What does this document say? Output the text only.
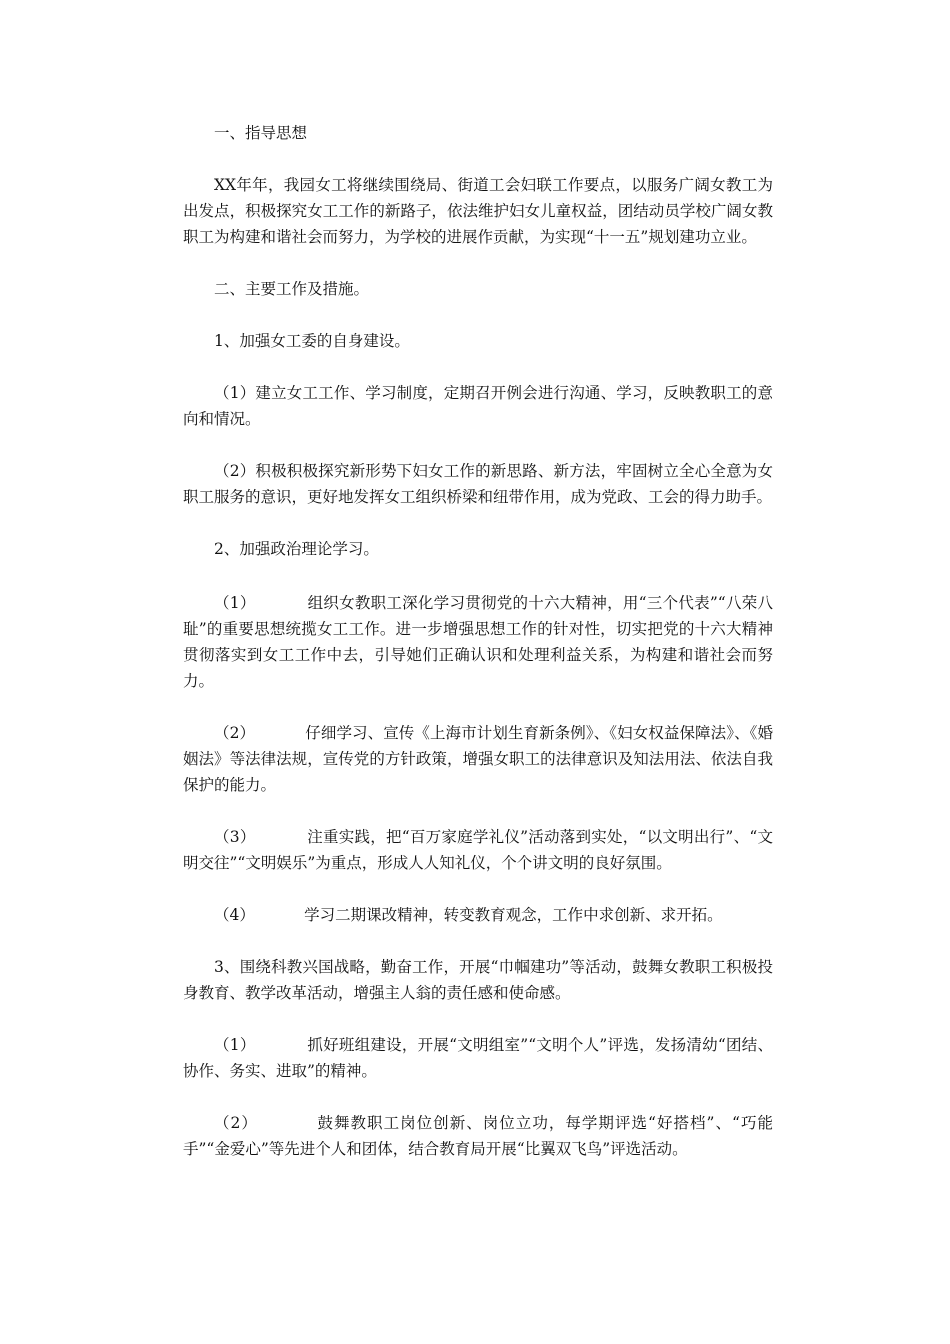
一、指导思想

XX年年，我园女工将继续围绕局、街道工会妇联工作要点，以服务广阔女教工为出发点，积极探究女工工作的新路子，依法维护妇女儿童权益，团结动员学校广阔女教职工为构建和谐社会而努力，为学校的进展作贡献，为实现“十一五”规划建功立业。

二、主要工作及措施。

1、加强女工委的自身建设。

（1）建立女工工作、学习制度，定期召开例会进行沟通、学习，反映教职工的意向和情况。

（2）积极积极探究新形势下妇女工作的新思路、新方法，牢固树立全心全意为女职工服务的意识，更好地发挥女工组织桥梁和纽带作用，成为党政、工会的得力助手。

2、加强政治理论学习。

（1）          组织女教职工深化学习贯彻党的十六大精神，用“三个代表”“八荣八耻”的重要思想统揽女工工作。进一步增强思想工作的针对性，切实把党的十六大精神贯彻落实到女工工作中去，引导她们正确认识和处理利益关系，为构建和谐社会而努力。

（2）          仔细学习、宣传《上海市计划生育新条例》、《妇女权益保障法》、《婚姻法》等法律法规，宣传党的方针政策，增强女职工的法律意识及知法用法、依法自我保护的能力。

（3）          注重实践，把“百万家庭学礼仪”活动落到实处，“以文明出行”、“文明交往”“文明娱乐”为重点，形成人人知礼仪，个个讲文明的良好氛围。

（4）          学习二期课改精神，转变教育观念，工作中求创新、求开拓。

3、围绕科教兴国战略，勤奋工作，开展“巾帼建功”等活动，鼓舞女教职工积极投身教育、教学改革活动，增强主人翁的责任感和使命感。

（1）          抓好班组建设，开展“文明组室”“文明个人”评选，发扬清幼“团结、协作、务实、进取”的精神。

（2）          鼓舞教职工岗位创新、岗位立功，每学期评选“好搭档”、“巧能手”“金爱心”等先进个人和团体，结合教育局开展“比翼双飞鸟”评选活动。
